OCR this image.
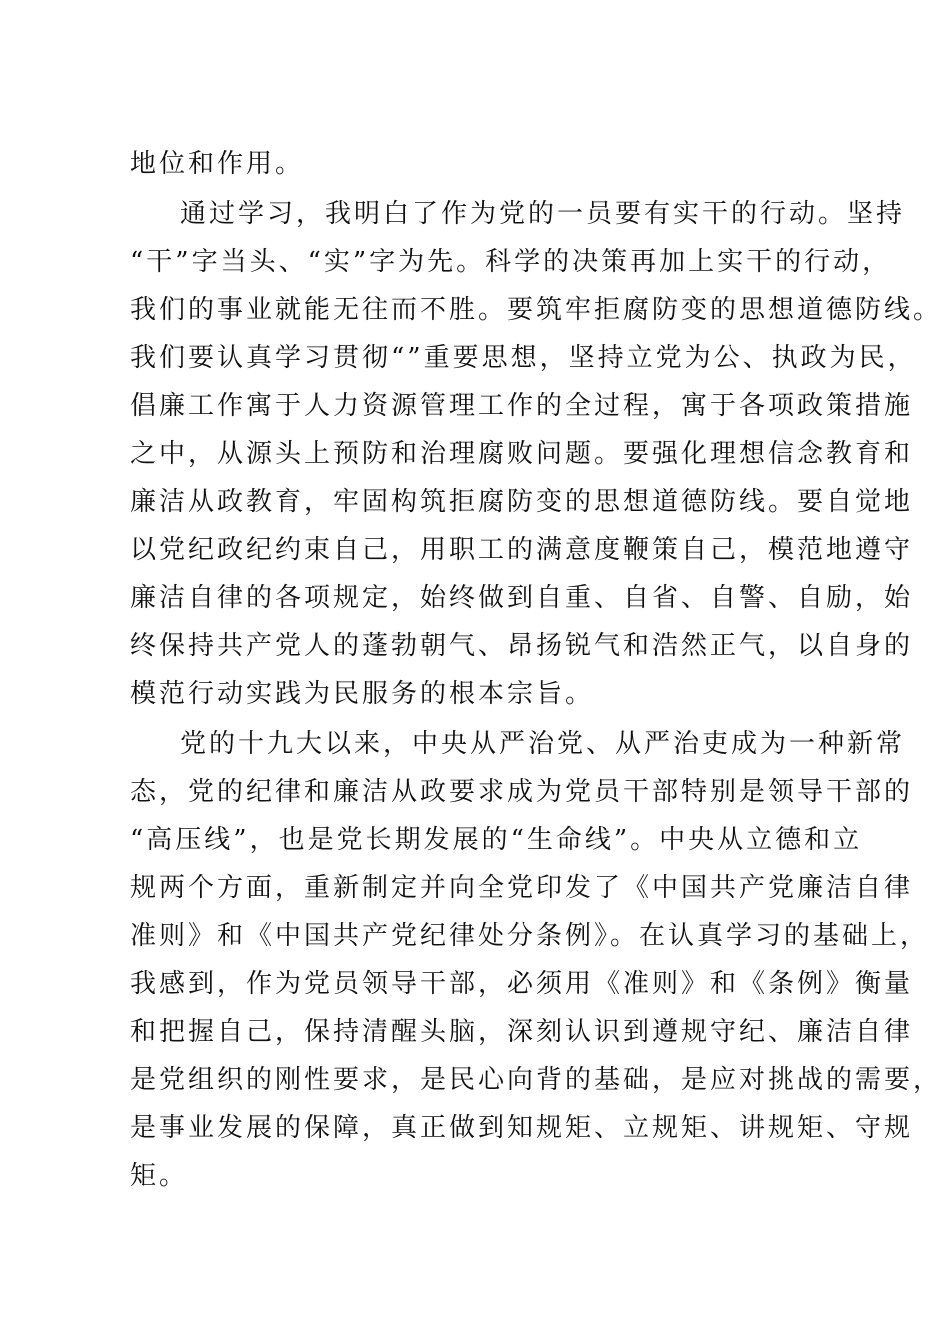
地位和作用。
通过学习，我明白了作为党的一员要有实干的行动。坚持
“干”字当头、“实”字为先。科学的决策再加上实干的行动，
我们的事业就能无往而不胜。要筑牢拒腐防变的思想道德防线。
我们要认真学习贯彻“”重要思想，坚持立党为公、执政为民，
倡廉工作寓于人力资源管理工作的全过程，寓于各项政策措施
之中，从源头上预防和治理腐败问题。要强化理想信念教育和
廉洁从政教育，牢固构筑拒腐防变的思想道德防线。要自觉地
以党纪政纪约束自己，用职工的满意度鞭策自己，模范地遵守
廉洁自律的各项规定，始终做到自重、自省、自警、自励，始
终保持共产党人的蓬勃朝气、昂扬锐气和浩然正气，以自身的
模范行动实践为民服务的根本宗旨。
党的十九大以来，中央从严治党、从严治吏成为一种新常
态，党的纪律和廉洁从政要求成为党员干部特别是领导干部的
“高压线”，也是党长期发展的“生命线”。中央从立德和立
规两个方面，重新制定并向全党印发了《中国共产党廉洁自律
准则》和《中国共产党纪律处分条例》。在认真学习的基础上，
我感到，作为党员领导干部，必须用《准则》和《条例》衡量
和把握自己，保持清醒头脑，深刻认识到遵规守纪、廉洁自律
是党组织的刚性要求，是民心向背的基础，是应对挑战的需要，
是事业发展的保障，真正做到知规矩、立规矩、讲规矩、守规
矩。
